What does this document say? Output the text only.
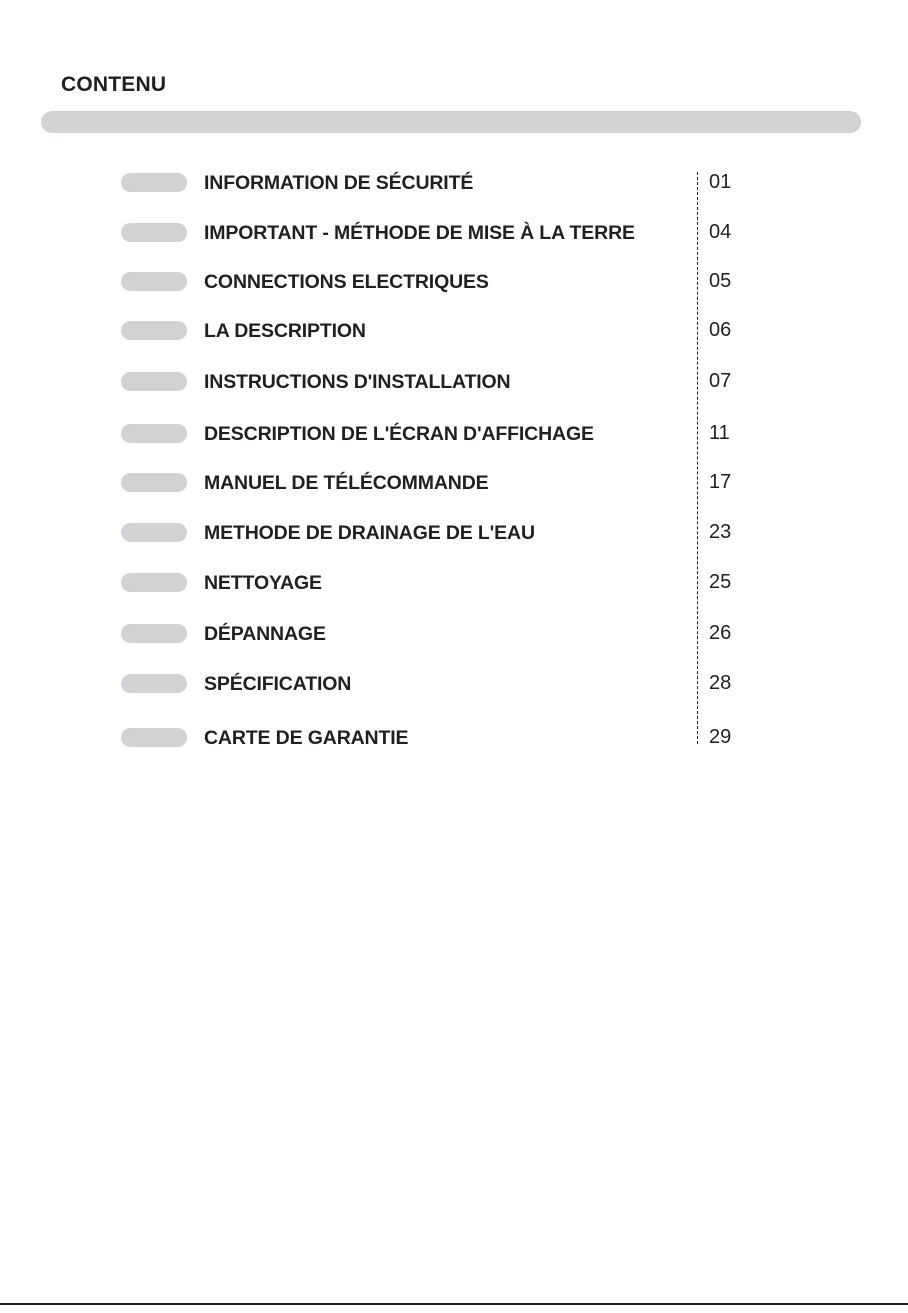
CONTENU
INFORMATION DE SÉCURITÉ	01
IMPORTANT - MÉTHODE DE MISE À LA TERRE	04
CONNECTIONS ELECTRIQUES	05
LA DESCRIPTION	06
INSTRUCTIONS D'INSTALLATION	07
DESCRIPTION DE L'ÉCRAN D'AFFICHAGE	11
MANUEL DE TÉLÉCOMMANDE	17
METHODE DE DRAINAGE DE L'EAU	23
NETTOYAGE	25
DÉPANNAGE	26
SPÉCIFICATION	28
CARTE DE GARANTIE	29
